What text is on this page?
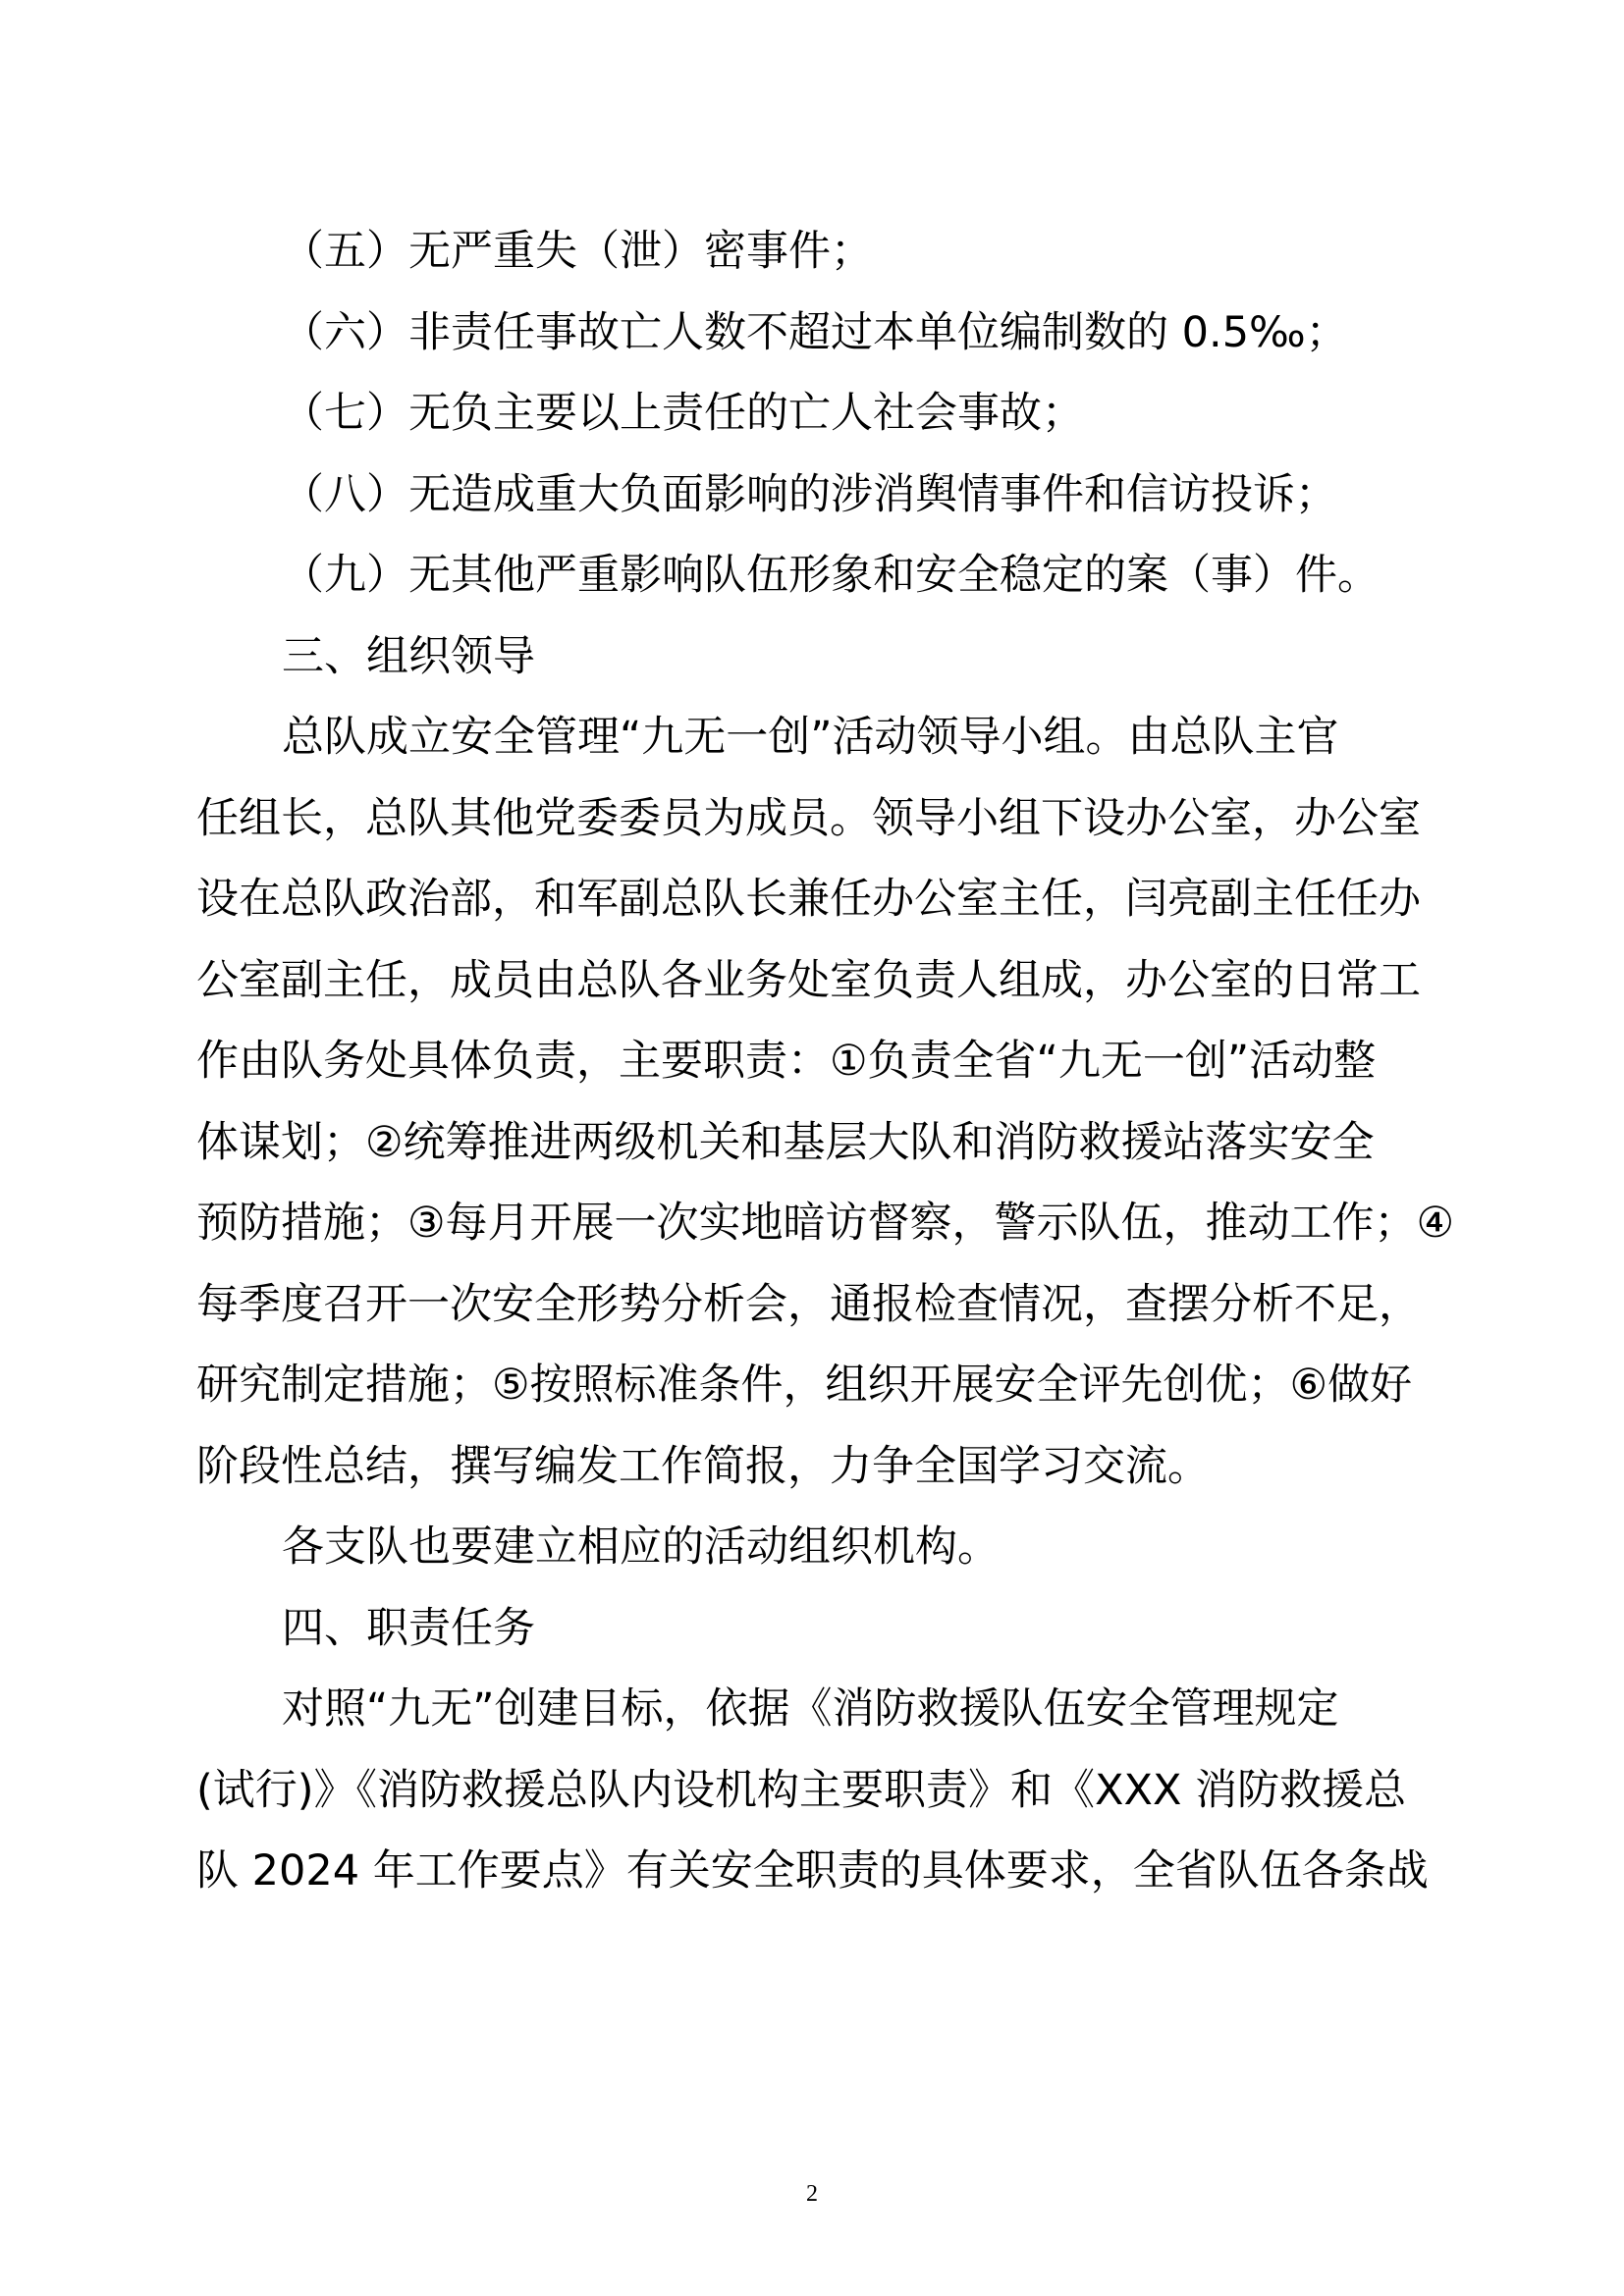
（五）无严重失（泄）密事件；
（六）非责任事故亡人数不超过本单位编制数的 0.5‰；
（七）无负主要以上责任的亡人社会事故；
（八）无造成重大负面影响的涉消舆情事件和信访投诉；
（九）无其他严重影响队伍形象和安全稳定的案（事）件。
三、组织领导
总队成立安全管理“九无一创”活动领导小组。由总队主官
任组长，总队其他党委委员为成员。领导小组下设办公室，办公室
设在总队政治部，和军副总队长兼任办公室主任，闫亮副主任任办
公室副主任，成员由总队各业务处室负责人组成，办公室的日常工
作由队务处具体负责，主要职责：①负责全省“九无一创”活动整
体谋划；②统筹推进两级机关和基层大队和消防救援站落实安全
预防措施；③每月开展一次实地暗访督察，警示队伍，推动工作；④
每季度召开一次安全形势分析会，通报检查情况，查摆分析不足，
研究制定措施；⑤按照标准条件，组织开展安全评先创优；⑥做好
阶段性总结，撰写编发工作简报，力争全国学习交流。
各支队也要建立相应的活动组织机构。
四、职责任务
对照“九无”创建目标，依据《消防救援队伍安全管理规定
(试行)》《消防救援总队内设机构主要职责》和《XXX 消防救援总
队 2024 年工作要点》有关安全职责的具体要求，全省队伍各条战
2
